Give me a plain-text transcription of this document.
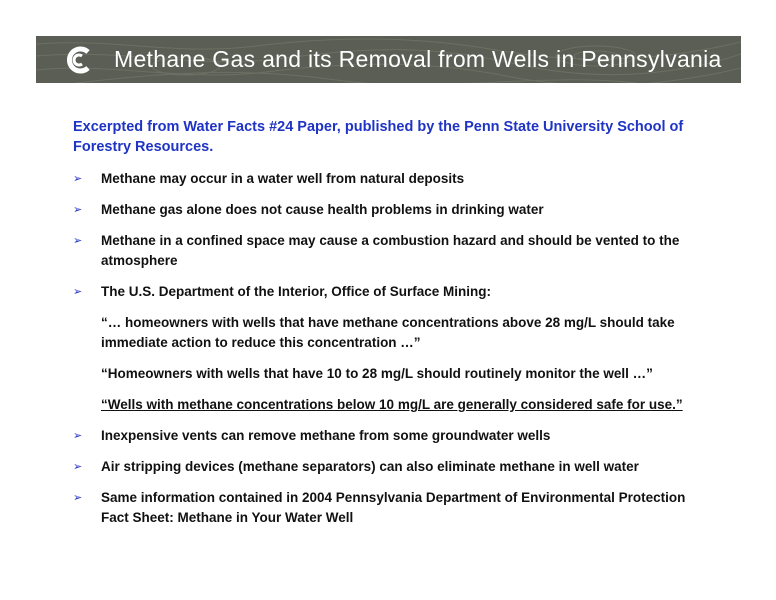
Methane Gas and its Removal from Wells in Pennsylvania
Excerpted from Water Facts #24 Paper, published by the Penn State University School of Forestry Resources.
➢ Methane may occur in a water well from natural deposits
➢ Methane gas alone does not cause health problems in drinking water
➢ Methane in a confined space may cause a combustion hazard and should be vented to the atmosphere
➢ The U.S. Department of the Interior, Office of Surface Mining:
“… homeowners with wells that have methane concentrations above 28 mg/L should take immediate action to reduce this concentration …”
“Homeowners with wells that have 10 to 28 mg/L should routinely monitor the well …”
“Wells with methane concentrations below 10 mg/L are generally considered safe for use.”
➢ Inexpensive vents can remove methane from some groundwater wells
➢ Air stripping devices (methane separators) can also eliminate methane in well water
➢ Same information contained in 2004 Pennsylvania Department of Environmental Protection Fact Sheet: Methane in Your Water Well
